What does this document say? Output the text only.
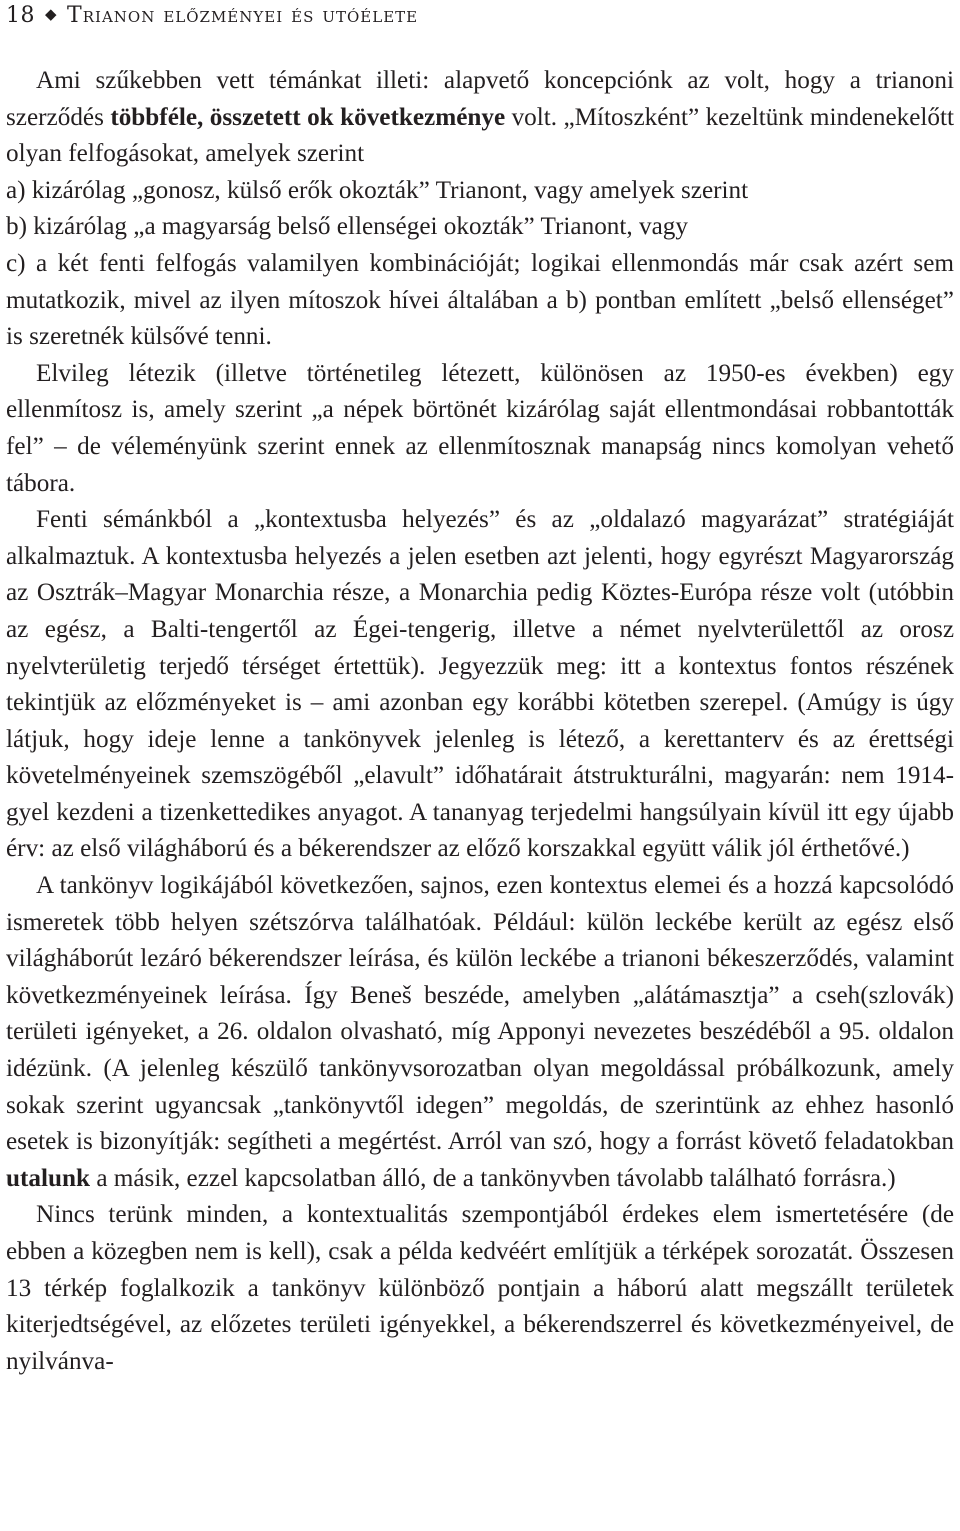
18 ◆ Trianon előzményei és utóélete

Ami szűkebben vett témánkat illeti: alapvető koncepciónk az volt, hogy a trianoni szerződés többféle, összetett ok következménye volt. „Mítoszként” kezeltünk mindenekelőtt olyan felfogásokat, amelyek szerint

a) kizárólag „gonosz, külső erők okozták” Trianont, vagy amelyek szerint

b) kizárólag „a magyarság belső ellenségei okozták” Trianont, vagy

c) a két fenti felfogás valamilyen kombinációját; logikai ellenmondás már csak azért sem mutatkozik, mivel az ilyen mítoszok hívei általában a b) pontban említett „belső ellenséget” is szeretnék külsővé tenni.

Elvileg létezik (illetve történetileg létezett, különösen az 1950-es években) egy ellenmítosz is, amely szerint „a népek börtönét kizárólag saját ellentmondásai robbantották fel” – de véleményünk szerint ennek az ellenmítosznak manapság nincs komolyan vehető tábora.

Fenti sémánkból a „kontextusba helyezés” és az „oldalazó magyarázat” stratégiáját alkalmaztuk. A kontextusba helyezés a jelen esetben azt jelenti, hogy egyrészt Magyarország az Osztrák–Magyar Monarchia része, a Monarchia pedig Köztes-Európa része volt (utóbbin az egész, a Balti-tengertől az Égei-tengerig, illetve a német nyelvterülettől az orosz nyelvterületig terjedő térséget értettük). Jegyezzük meg: itt a kontextus fontos részének tekintjük az előzményeket is – ami azonban egy korábbi kötetben szerepel. (Amúgy is úgy látjuk, hogy ideje lenne a tankönyvek jelenleg is létező, a kerettanterv és az érettségi követelményeinek szemszögéből „elavult” időhatárait átstrukturálni, magyarán: nem 1914-gyel kezdeni a tizenkettedikes anyagot. A tananyag terjedelmi hangsúlyain kívül itt egy újabb érv: az első világháború és a békerendszer az előző korszakkal együtt válik jól érthetővé.)

A tankönyv logikájából következően, sajnos, ezen kontextus elemei és a hozzá kapcsolódó ismeretek több helyen szétszórva találhatóak. Például: külön leckébe került az egész első világháborút lezáró békerendszer leírása, és külön leckébe a trianoni békeszerződés, valamint következményeinek leírása. Így Beneš beszéde, amelyben „alátámasztja” a cseh(szlovák) területi igényeket, a 26. oldalon olvasható, míg Apponyi nevezetes beszédéből a 95. oldalon idézünk. (A jelenleg készülő tankönyvsorozatban olyan megoldással próbálkozunk, amely sokak szerint ugyancsak „tankönyvtől idegen” megoldás, de szerintünk az ehhez hasonló esetek is bizonyítják: segítheti a megértést. Arról van szó, hogy a forrást követő feladatokban utalunk a másik, ezzel kapcsolatban álló, de a tankönyvben távolabb található forrásra.)

Nincs terünk minden, a kontextualitás szempontjából érdekes elem ismertetésére (de ebben a közegben nem is kell), csak a példa kedvéért említjük a térképek sorozatát. Összesen 13 térkép foglalkozik a tankönyv különböző pontjain a háború alatt megszállt területek kiterjedtségével, az előzetes területi igényekkel, a békerendszerrel és következményeivel, de nyilvánva-
